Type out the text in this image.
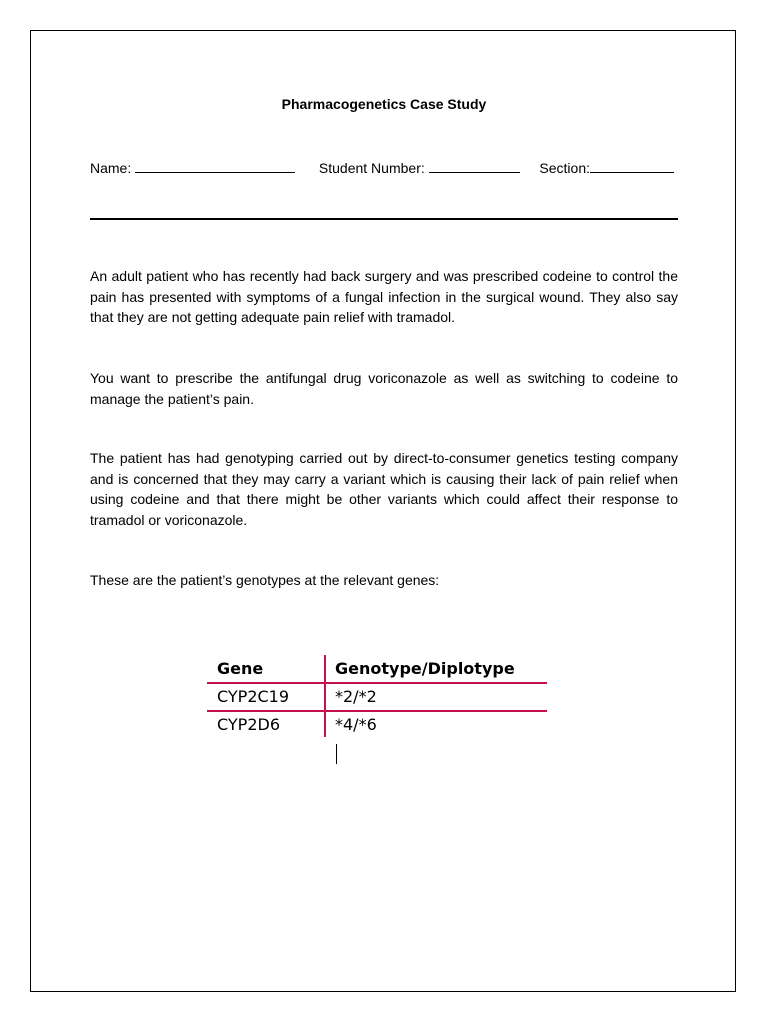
Pharmacogenetics Case Study
Name:	Student Number:	Section:

An adult patient who has recently had back surgery and was prescribed codeine to control the pain has presented with symptoms of a fungal infection in the surgical wound. They also say that they are not getting adequate pain relief with tramadol.

You want to prescribe the antifungal drug voriconazole as well as switching to codeine to manage the patient’s pain.

The patient has had genotyping carried out by direct-to-consumer genetics testing company and is concerned that they may carry a variant which is causing their lack of pain relief when using codeine and that there might be other variants which could affect their response to tramadol or voriconazole.

These are the patient’s genotypes at the relevant genes:

Gene	Genotype/Diplotype
CYP2C19	*2/*2
CYP2D6	*4/*6
